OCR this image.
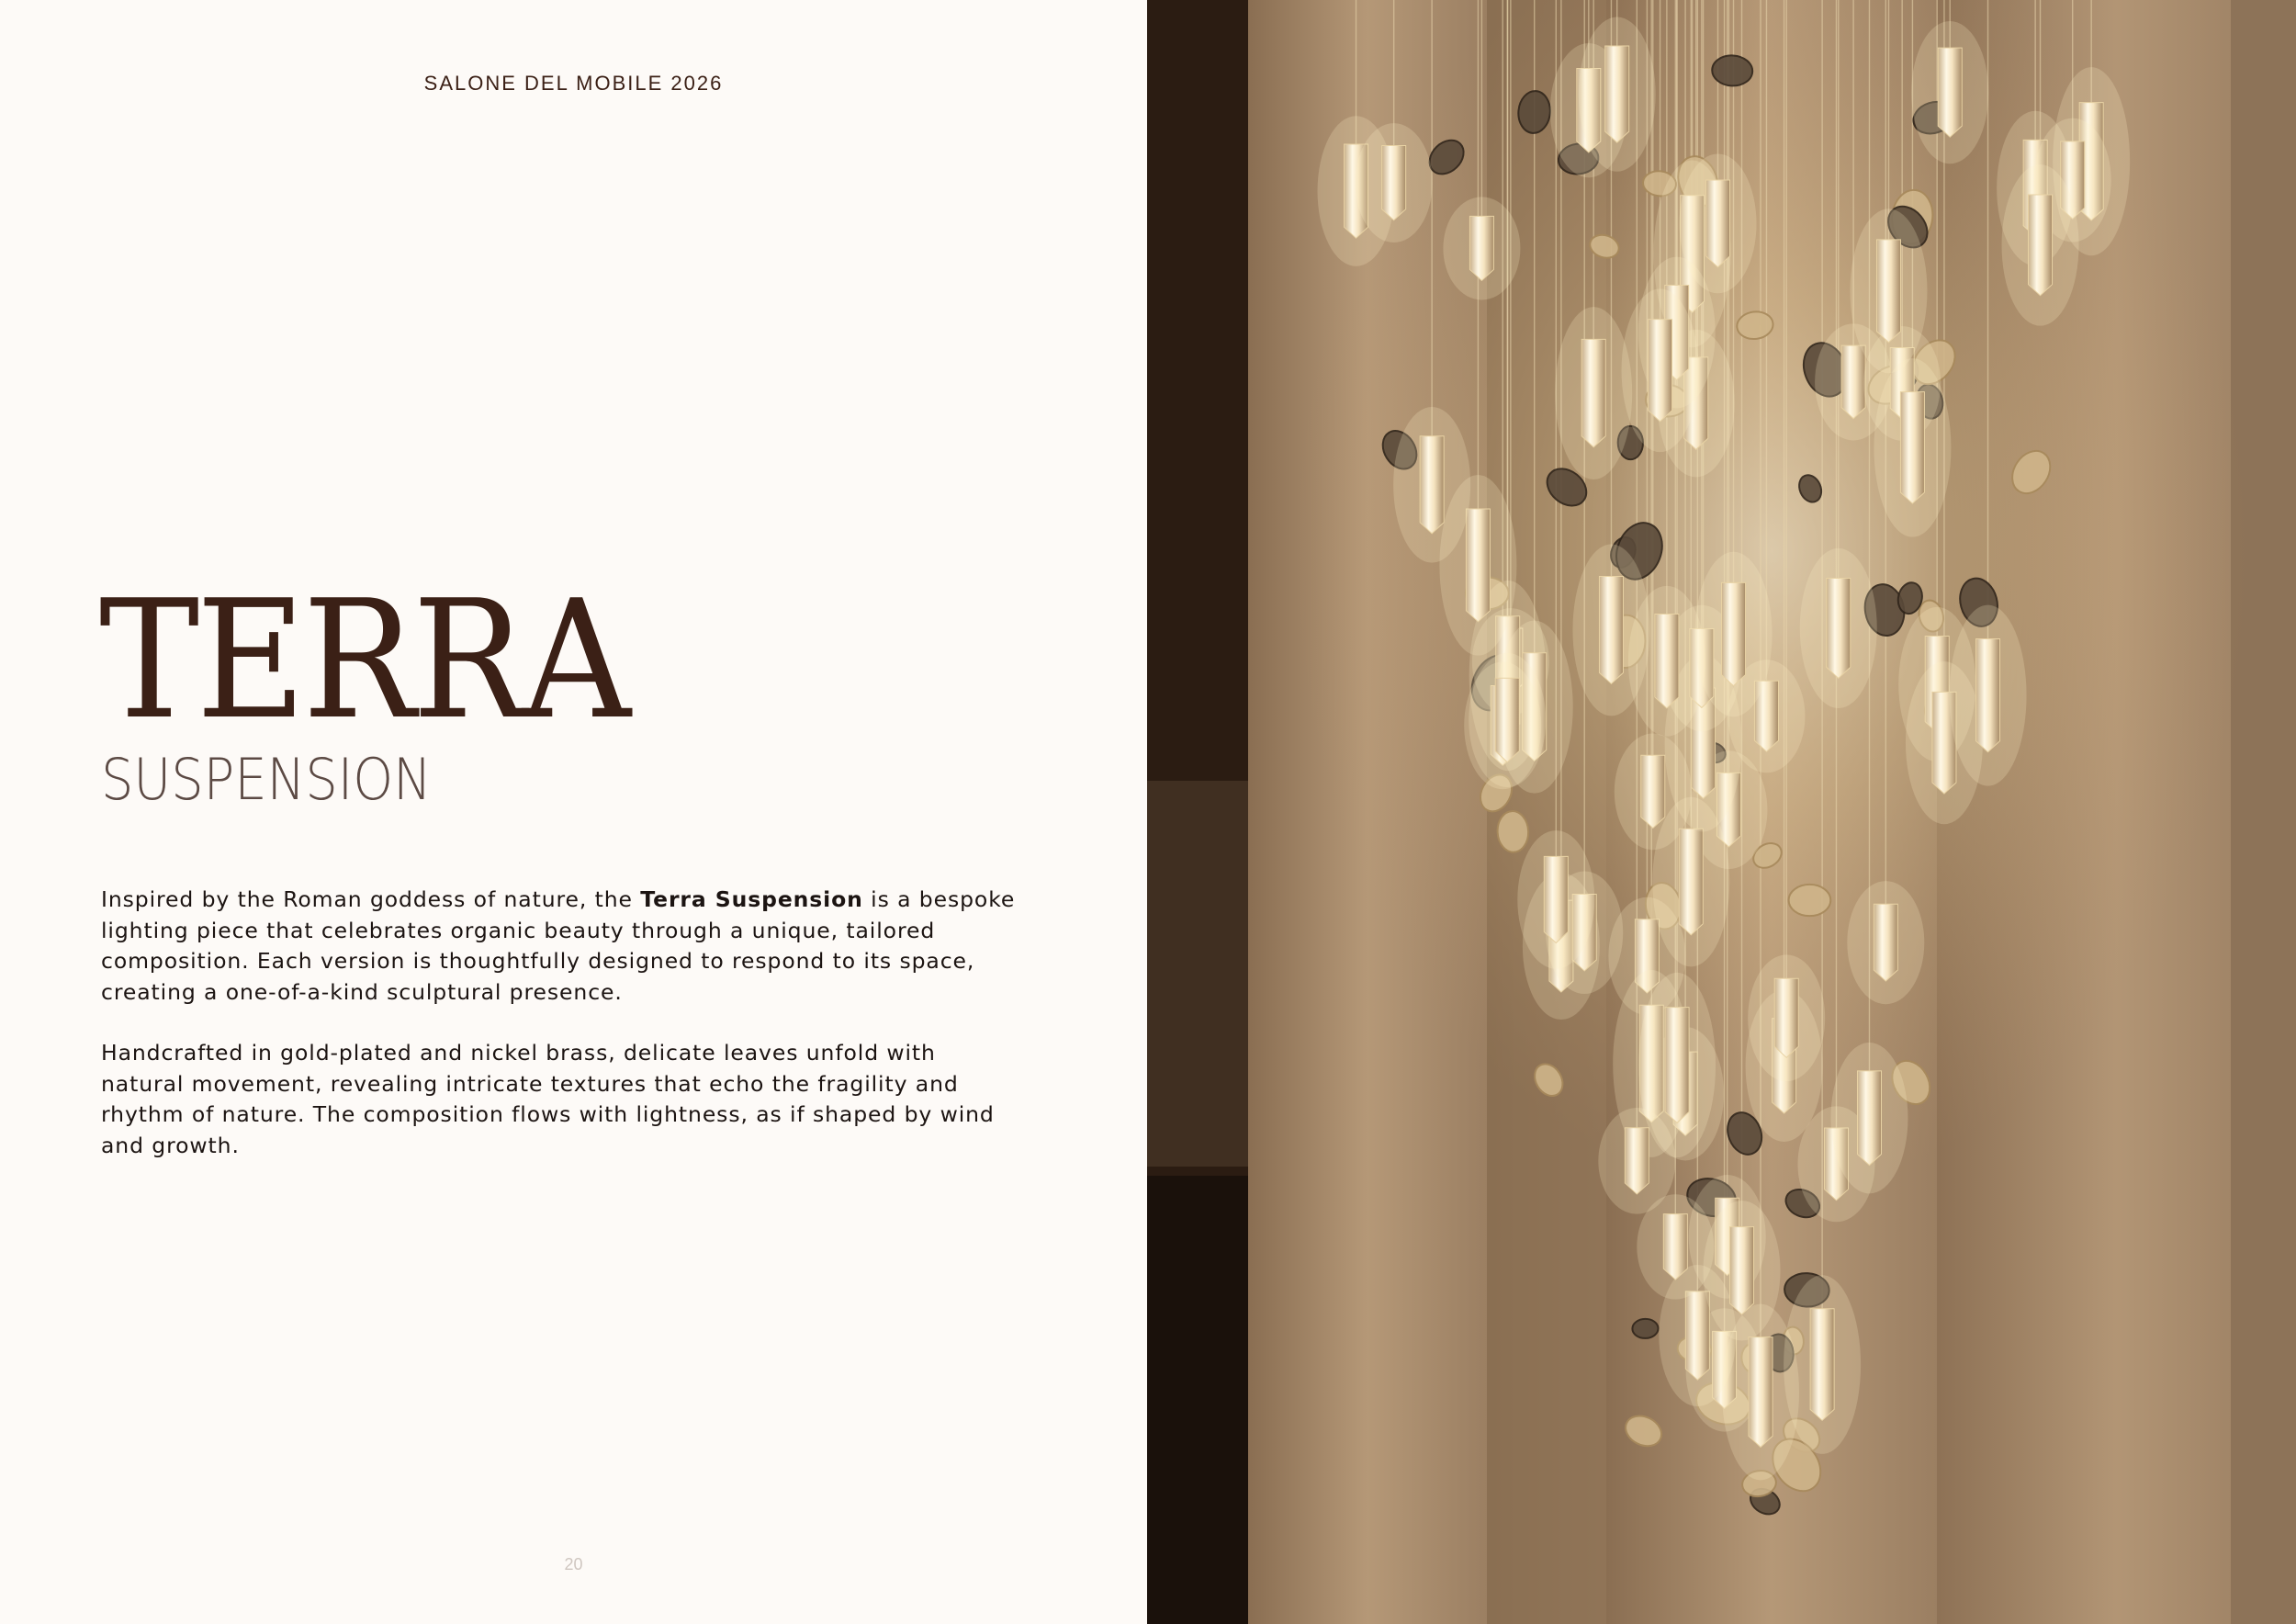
SALONE DEL MOBILE 2026
TERRA
SUSPENSION

Inspired by the Roman goddess of nature, the Terra Suspension is a bespoke lighting piece that celebrates organic beauty through a unique, tailored composition. Each version is thoughtfully designed to respond to its space, creating a one-of-a-kind sculptural presence.

Handcrafted in gold-plated and nickel brass, delicate leaves unfold with natural movement, revealing intricate textures that echo the fragility and rhythm of nature. The composition flows with lightness, as if shaped by wind and growth.

20
